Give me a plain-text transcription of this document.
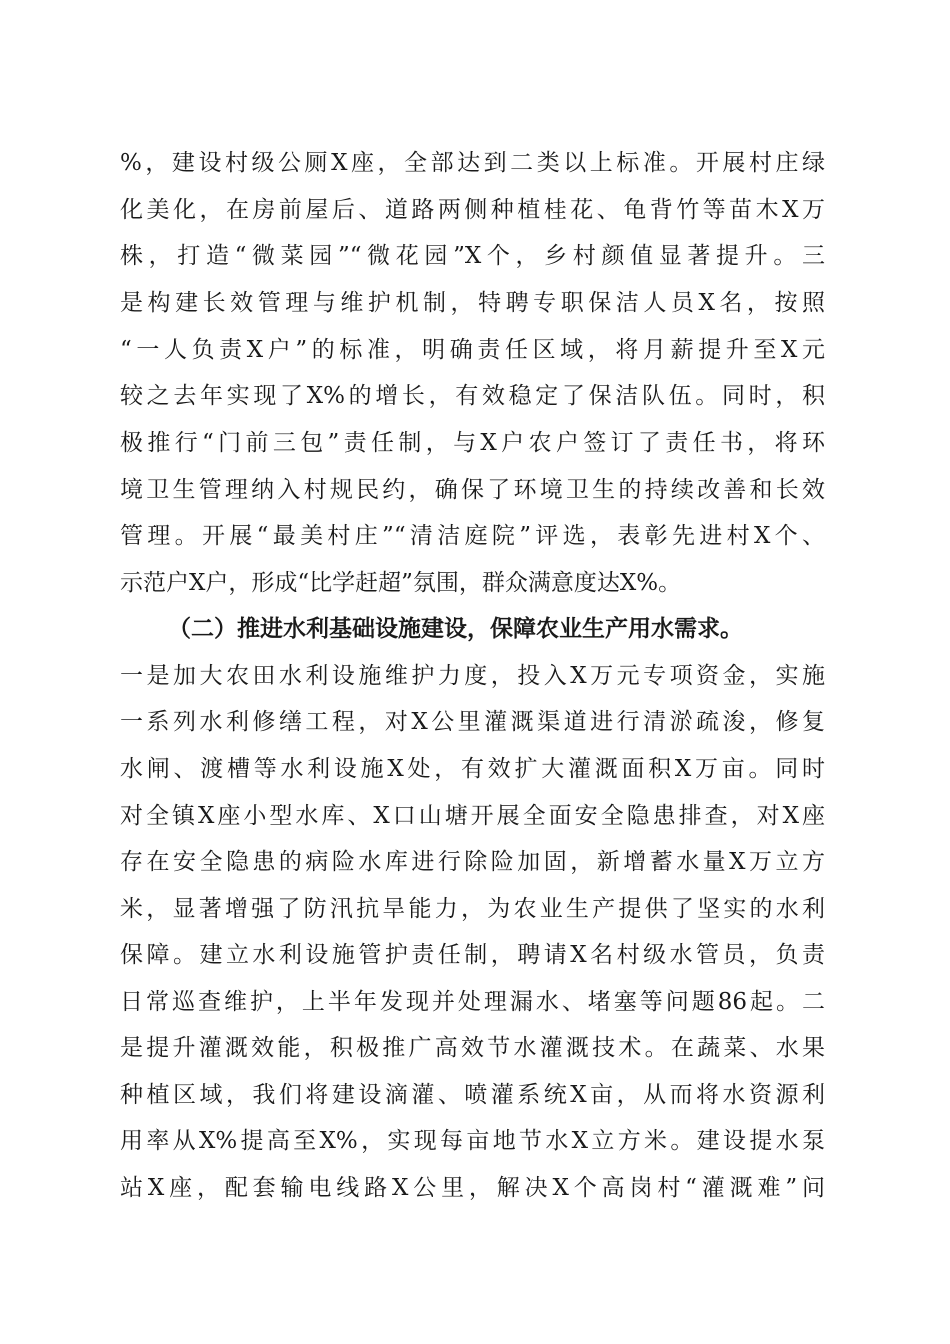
%，建设村级公厕X座，全部达到二类以上标准。开展村庄绿
化美化，在房前屋后、道路两侧种植桂花、龟背竹等苗木X万
株，打造“微菜园”“微花园”X个，乡村颜值显著提升。三
是构建长效管理与维护机制，特聘专职保洁人员X名，按照
“一人负责X户”的标准，明确责任区域，将月薪提升至X元
较之去年实现了X%的增长，有效稳定了保洁队伍。同时，积
极推行“门前三包”责任制，与X户农户签订了责任书，将环
境卫生管理纳入村规民约，确保了环境卫生的持续改善和长效
管理。开展“最美村庄”“清洁庭院”评选，表彰先进村X个、
示范户X户，形成“比学赶超”氛围，群众满意度达X%。
（二）推进水利基础设施建设，保障农业生产用水需求。
一是加大农田水利设施维护力度，投入X万元专项资金，实施
一系列水利修缮工程，对X公里灌溉渠道进行清淤疏浚，修复
水闸、渡槽等水利设施X处，有效扩大灌溉面积X万亩。同时
对全镇X座小型水库、X口山塘开展全面安全隐患排查，对X座
存在安全隐患的病险水库进行除险加固，新增蓄水量X万立方
米，显著增强了防汛抗旱能力，为农业生产提供了坚实的水利
保障。建立水利设施管护责任制，聘请X名村级水管员，负责
日常巡查维护，上半年发现并处理漏水、堵塞等问题86起。二
是提升灌溉效能，积极推广高效节水灌溉技术。在蔬菜、水果
种植区域，我们将建设滴灌、喷灌系统X亩，从而将水资源利
用率从X%提高至X%，实现每亩地节水X立方米。建设提水泵
站X座，配套输电线路X公里，解决X个高岗村“灌溉难”问
